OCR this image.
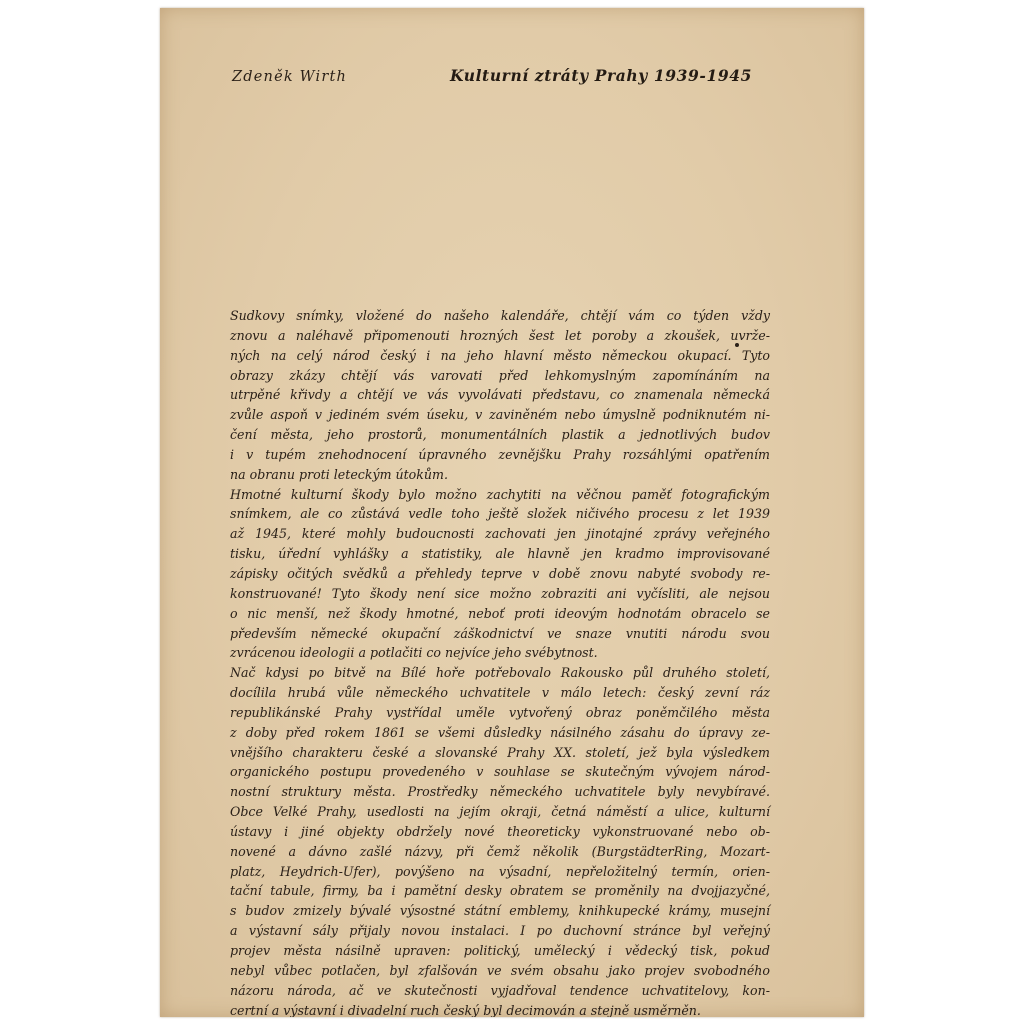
Zdeněk Wirth	Kulturní ztráty Prahy 1939-1945
Sudkovy snímky, vložené do našeho kalendáře, chtějí vám co týden vždy
znovu a naléhavě připomenouti hrozných šest let poroby a zkoušek, uvrže-
ných na celý národ český i na jeho hlavní město německou okupací. Tyto
obrazy zkázy chtějí vás varovati před lehkomyslným zapomínáním na
utrpěné křivdy a chtějí ve vás vyvolávati představu, co znamenala německá
zvůle aspoň v jediném svém úseku, v zaviněném nebo úmyslně podniknutém ni-
čení města, jeho prostorů, monumentálních plastik a jednotlivých budov
i v tupém znehodnocení úpravného zevnějšku Prahy rozsáhlými opatřením
na obranu proti leteckým útokům.
Hmotné kulturní škody bylo možno zachytiti na věčnou paměť fotografickým
snímkem, ale co zůstává vedle toho ještě složek ničivého procesu z let 1939
až 1945, které mohly budoucnosti zachovati jen jinotajné zprávy veřejného
tisku, úřední vyhlášky a statistiky, ale hlavně jen kradmo improvisované
zápisky očitých svědků a přehledy teprve v době znovu nabyté svobody re-
konstruované! Tyto škody není sice možno zobraziti ani vyčísliti, ale nejsou
o nic menší, než škody hmotné, neboť proti ideovým hodnotám obracelo se
především německé okupační záškodnictví ve snaze vnutiti národu svou
zvrácenou ideologii a potlačiti co nejvíce jeho svébytnost.
Nač kdysi po bitvě na Bílé hoře potřebovalo Rakousko půl druhého století,
docílila hrubá vůle německého uchvatitele v málo letech: český zevní ráz
republikánské Prahy vystřídal uměle vytvořený obraz poněmčilého města
z doby před rokem 1861 se všemi důsledky násilného zásahu do úpravy ze-
vnějšího charakteru české a slovanské Prahy XX. století, jež byla výsledkem
organického postupu provedeného v souhlase se skutečným vývojem národ-
nostní struktury města. Prostředky německého uchvatitele byly nevybíravé.
Obce Velké Prahy, usedlosti na jejím okraji, četná náměstí a ulice, kulturní
ústavy i jiné objekty obdržely nové theoreticky vykonstruované nebo ob-
novené a dávno zašlé názvy, při čemž několik (BurgstädterRing, Mozart-
platz, Heydrich-Ufer), povýšeno na výsadní, nepřeložitelný termín, orien-
tační tabule, firmy, ba i pamětní desky obratem se proměnily na dvojjazyčné,
s budov zmizely bývalé výsostné státní emblemy, knihkupecké krámy, musejní
a výstavní sály přijaly novou instalaci. I po duchovní stránce byl veřejný
projev města násilně upraven: politický, umělecký i vědecký tisk, pokud
nebyl vůbec potlačen, byl zfalšován ve svém obsahu jako projev svobodného
názoru národa, ač ve skutečnosti vyjadřoval tendence uchvatitelovy, kon-
certní a výstavní i divadelní ruch český byl decimován a stejně usměrněn.
